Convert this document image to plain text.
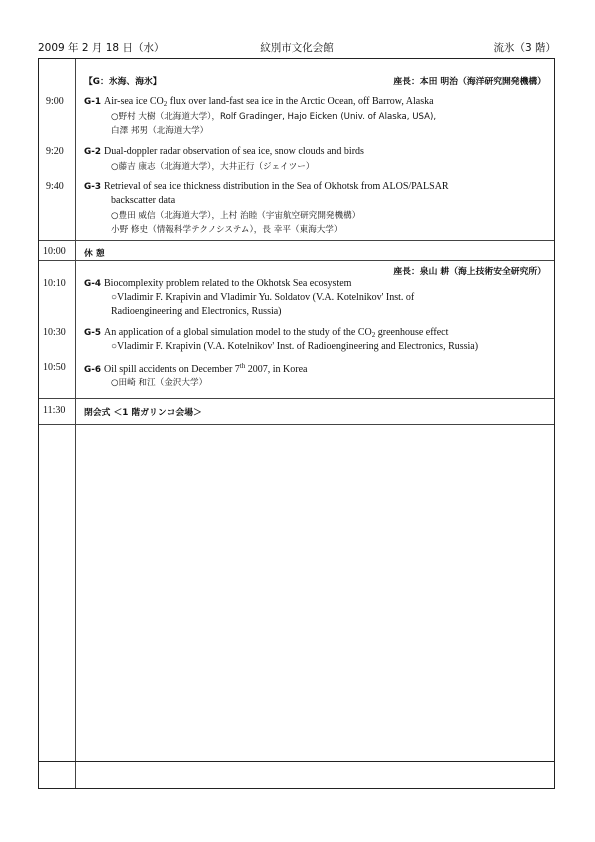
2009 年 2 月 18 日（水）	紋別市文化会館	流氷（3 階）
【G：氷海、海氷】	座長：本田 明治（海洋研究開発機構）
9:00 G-1 Air-sea ice $CO_2$ flux over land-fast sea ice in the Arctic Ocean, off Barrow, Alaska
○野村 大樹（北海道大学），Rolf Gradinger, Hajo Eicken (Univ. of Alaska, USA),
白澤 邦男（北海道大学）
9:20 G-2 Dual-doppler radar observation of sea ice, snow clouds and birds
○藤吉 康志（北海道大学），大井正行（ジェイツー）
9:40 G-3 Retrieval of sea ice thickness distribution in the Sea of Okhotsk from ALOS/PALSAR
backscatter data
○豊田 威信（北海道大学），上村 治睦（宇宙航空研究開発機構）
小野 修史（情報科学テクノシステム），長 幸平（東海大学）
10:00 休 憩
座長：泉山 耕（海上技術安全研究所）
10:10 G-4 Biocomplexity problem related to the Okhotsk Sea ecosystem
○Vladimir F. Krapivin and Vladimir Yu. Soldatov (V.A. Kotelnikov' Inst. of
Radioengineering and Electronics, Russia)
10:30 G-5 An application of a global simulation model to the study of the $CO_2$ greenhouse effect
○Vladimir F. Krapivin (V.A. Kotelnikov' Inst. of Radioengineering and Electronics, Russia)
10:50 G-6 Oil spill accidents on December 7th 2007, in Korea
○田崎 和江（金沢大学）
11:30 閉会式 ＜1 階ガリンコ会場＞
